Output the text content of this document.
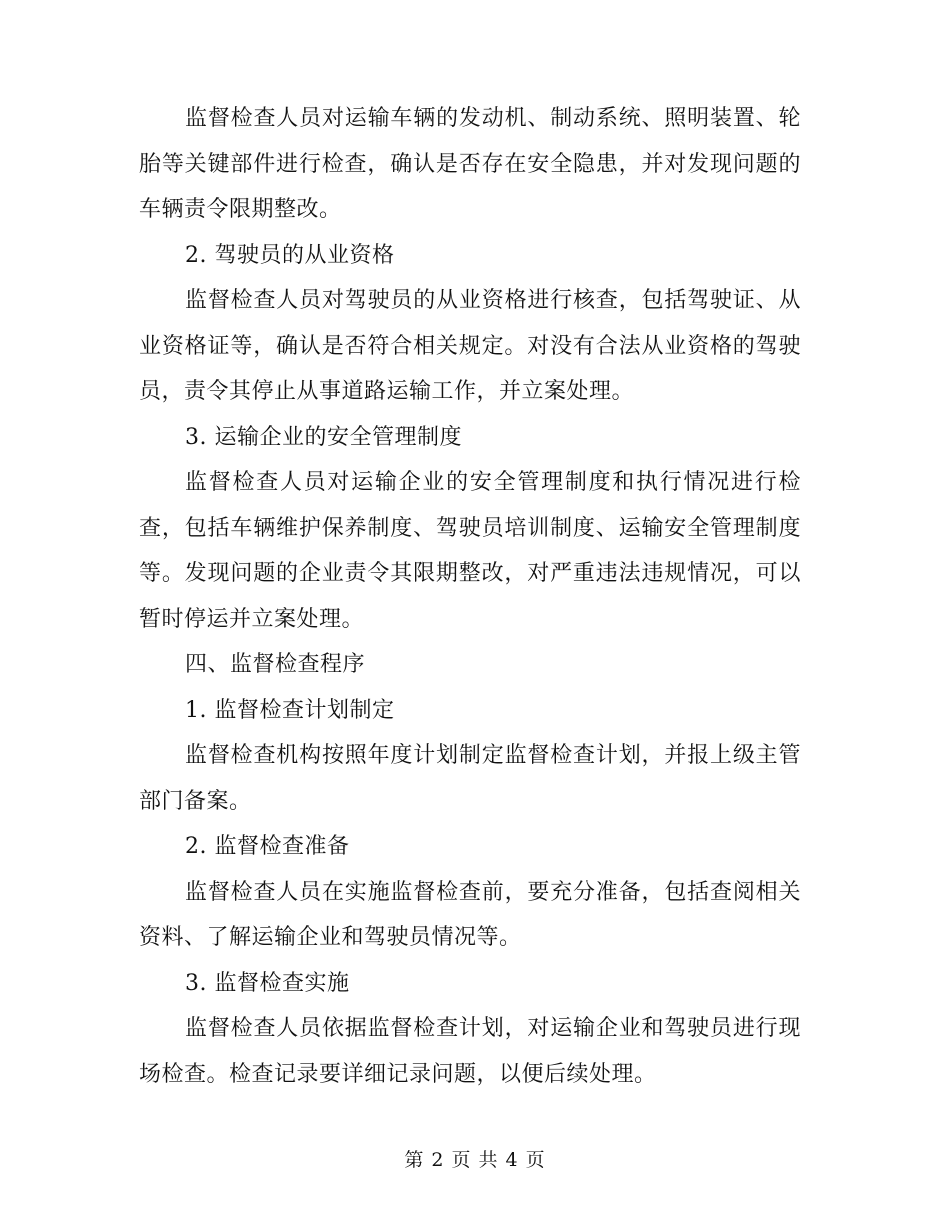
监督检查人员对运输车辆的发动机、制动系统、照明装置、轮胎等关键部件进行检查，确认是否存在安全隐患，并对发现问题的车辆责令限期整改。

2. 驾驶员的从业资格

监督检查人员对驾驶员的从业资格进行核查，包括驾驶证、从业资格证等，确认是否符合相关规定。对没有合法从业资格的驾驶员，责令其停止从事道路运输工作，并立案处理。

3. 运输企业的安全管理制度

监督检查人员对运输企业的安全管理制度和执行情况进行检查，包括车辆维护保养制度、驾驶员培训制度、运输安全管理制度等。发现问题的企业责令其限期整改，对严重违法违规情况，可以暂时停运并立案处理。

四、监督检查程序

1. 监督检查计划制定

监督检查机构按照年度计划制定监督检查计划，并报上级主管部门备案。

2. 监督检查准备

监督检查人员在实施监督检查前，要充分准备，包括查阅相关资料、了解运输企业和驾驶员情况等。

3. 监督检查实施

监督检查人员依据监督检查计划，对运输企业和驾驶员进行现场检查。检查记录要详细记录问题，以便后续处理。

第 2 页 共 4 页
